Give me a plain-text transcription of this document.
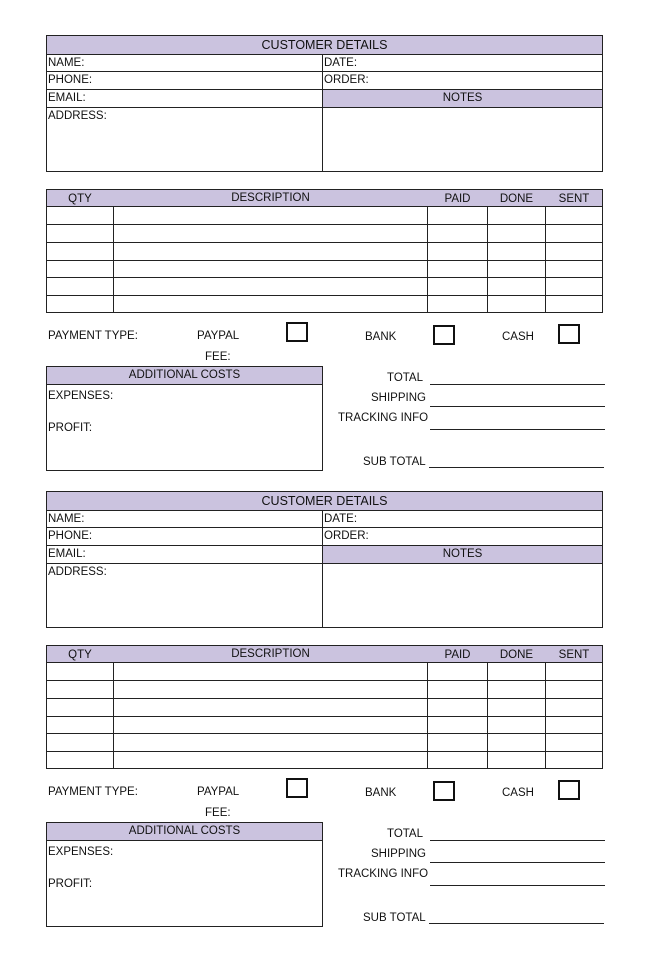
CUSTOMER DETAILS
NAME:	DATE:
PHONE:	ORDER:
EMAIL:	NOTES
ADDRESS:
QTY	DESCRIPTION	PAID	DONE	SENT
PAYMENT TYPE:	PAYPAL	BANK	CASH
FEE:
ADDITIONAL COSTS
EXPENSES:
PROFIT:
TOTAL
SHIPPING
TRACKING INFO
SUB TOTAL
CUSTOMER DETAILS
NAME:	DATE:
PHONE:	ORDER:
EMAIL:	NOTES
ADDRESS:
QTY	DESCRIPTION	PAID	DONE	SENT
PAYMENT TYPE:	PAYPAL	BANK	CASH
FEE:
ADDITIONAL COSTS
EXPENSES:
PROFIT:
TOTAL
SHIPPING
TRACKING INFO
SUB TOTAL
